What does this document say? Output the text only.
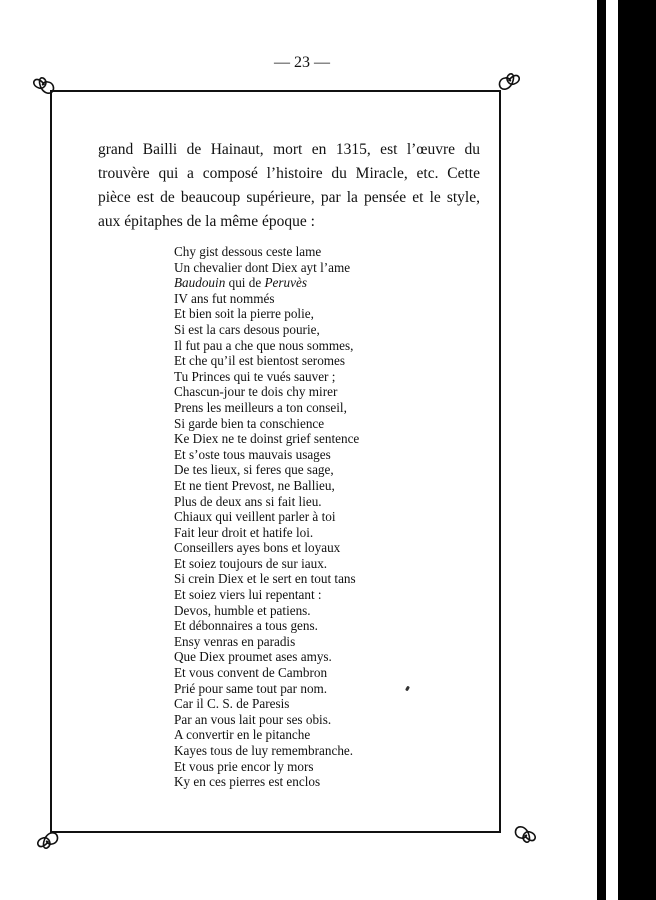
— 23 —
grand Bailli de Hainaut, mort en 1315, est l’œuvre du
trouvère qui a composé l’histoire du Miracle, etc. Cette
pièce est de beaucoup supérieure, par la pensée et le style,
aux épitaphes de la même époque :
Chy gist dessous ceste lame
Un chevalier dont Diex ayt l’ame
Baudouin qui de Peruvès
IV ans fut nommés
Et bien soit la pierre polie,
Si est la cars desous pourie,
Il fut pau a che que nous sommes,
Et che qu’il est bientost seromes
Tu Princes qui te vués sauver ;
Chascun-jour te dois chy mirer
Prens les meilleurs a ton conseil,
Si garde bien ta conschience
Ke Diex ne te doinst grief sentence
Et s’oste tous mauvais usages
De tes lieux, si feres que sage,
Et ne tient Prevost, ne Ballieu,
Plus de deux ans si fait lieu.
Chiaux qui veillent parler à toi
Fait leur droit et hatife loi.
Conseillers ayes bons et loyaux
Et soiez toujours de sur iaux.
Si crein Diex et le sert en tout tans
Et soiez viers lui repentant :
Devos, humble et patiens.
Et débonnaires a tous gens.
Ensy venras en paradis
Que Diex proumet ases amys.
Et vous convent de Cambron
Prié pour same tout par nom.
Car il C. S. de Paresis
Par an vous lait pour ses obis.
A convertir en le pitanche
Kayes tous de luy remembranche.
Et vous prie encor ly mors
Ky en ces pierres est enclos
